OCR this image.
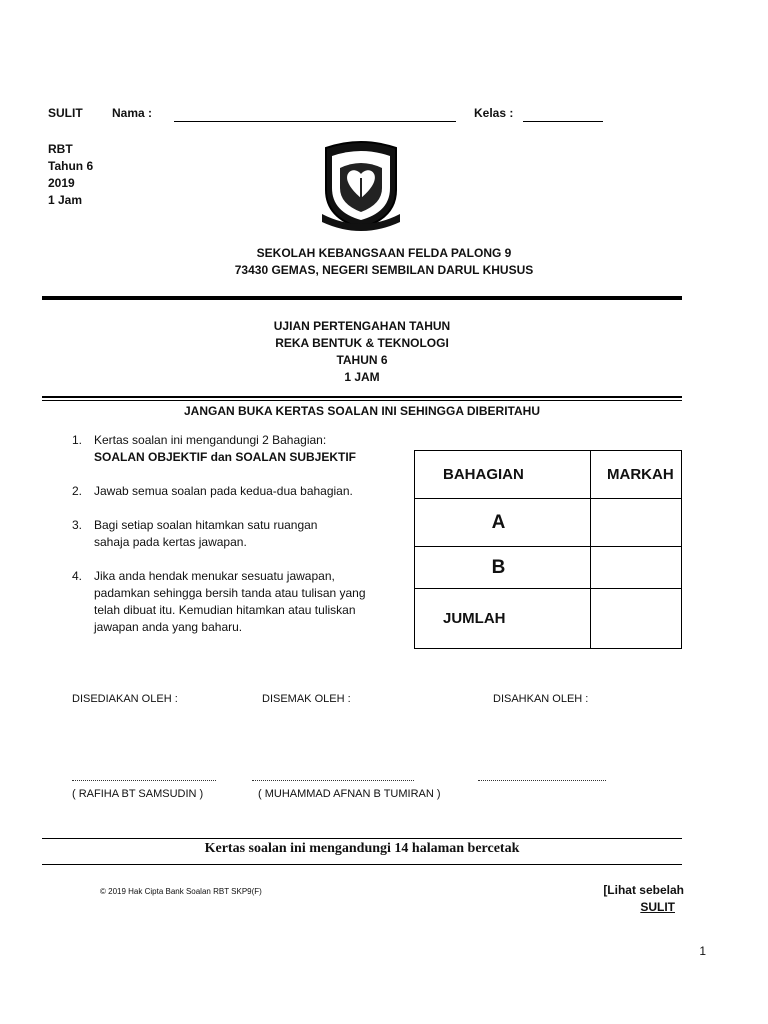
SULIT Nama :	Kelas :
RBT
Tahun 6
2019
1 Jam
SEKOLAH KEBANGSAAN FELDA PALONG 9
73430 GEMAS, NEGERI SEMBILAN DARUL KHUSUS
UJIAN PERTENGAHAN TAHUN
REKA BENTUK & TEKNOLOGI
TAHUN 6
1 JAM
JANGAN BUKA KERTAS SOALAN INI SEHINGGA DIBERITAHU
1. Kertas soalan ini mengandungi 2 Bahagian:
SOALAN OBJEKTIF dan SOALAN SUBJEKTIF
2. Jawab semua soalan pada kedua-dua bahagian.
3. Bagi setiap soalan hitamkan satu ruangan
sahaja pada kertas jawapan.
4. Jika anda hendak menukar sesuatu jawapan,
padamkan sehingga bersih tanda atau tulisan yang telah dibuat itu. Kemudian hitamkan atau tuliskan jawapan anda yang baharu.
BAHAGIAN	MARKAH
A	
B	
JUMLAH	
DISEDIAKAN OLEH :	DISEMAK OLEH :	DISAHKAN OLEH :
( RAFIHA BT SAMSUDIN )	( MUHAMMAD AFNAN B TUMIRAN )
Kertas soalan ini mengandungi 14 halaman bercetak
© 2019 Hak Cipta Bank Soalan RBT SKP9(F)	[Lihat sebelah
SULIT
1
